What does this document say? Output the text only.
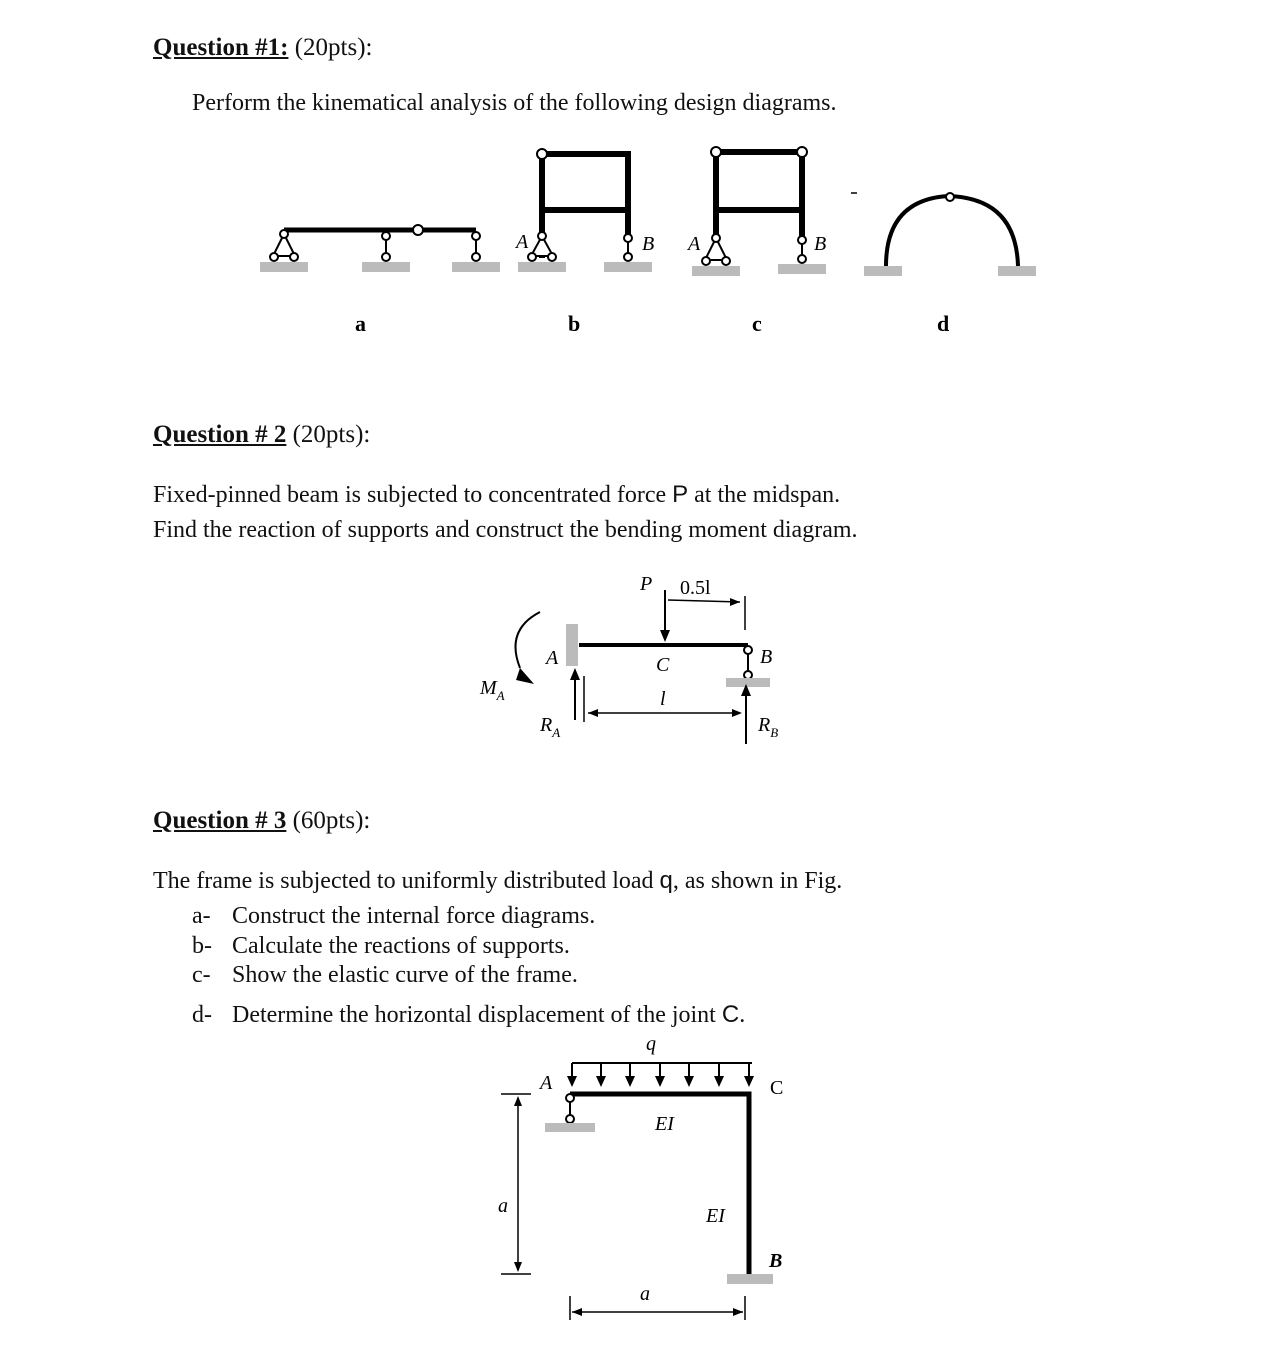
Question #1: (20pts):
Perform the kinematical analysis of the following design diagrams.
A	B A	B
a	b	c	d
Question # 2 (20pts):
Fixed-pinned beam is subjected to concentrated force P at the midspan.
Find the reaction of supports and construct the bending moment diagram.
P 0.5l
A	C	B
l
$M_A$
$R_A$	$R_B$
Question # 3 (60pts):
The frame is subjected to uniformly distributed load q, as shown in Fig.
a- Construct the internal force diagrams.
b- Calculate the reactions of supports.
c- Show the elastic curve of the frame.
d- Determine the horizontal displacement of the joint C.
q
A	C
EI
EI
B
a
a
